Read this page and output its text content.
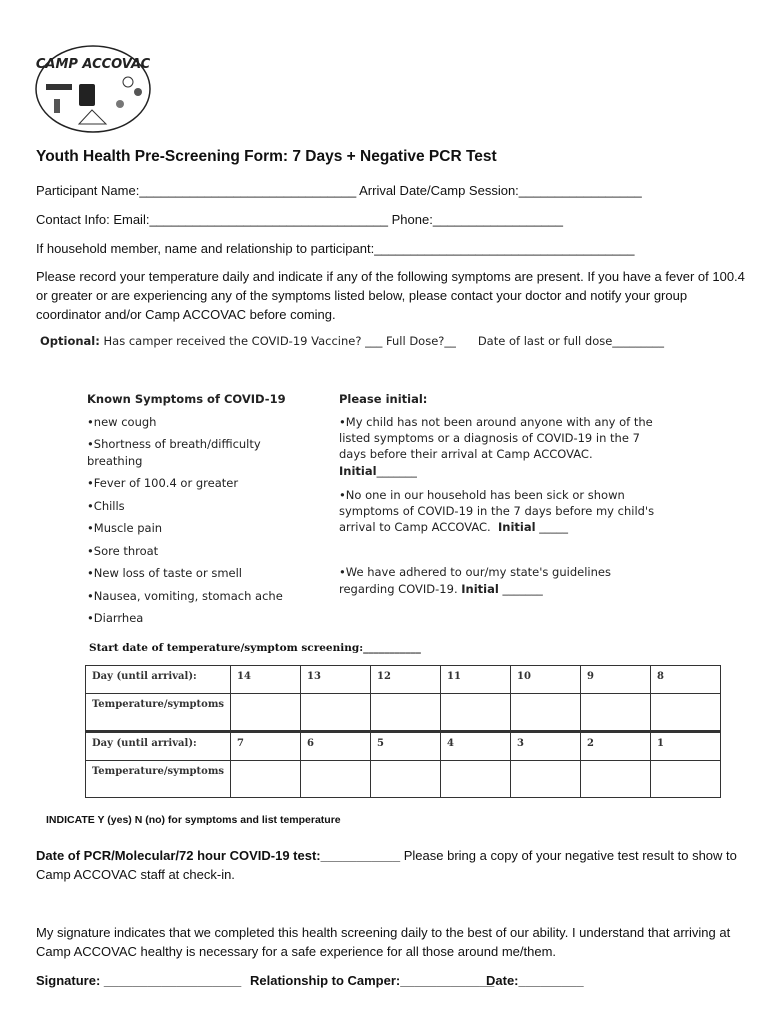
CAMP ACCOVAC
Youth Health Pre-Screening Form: 7 Days + Negative PCR Test
Participant Name:______________________________ Arrival Date/Camp Session:_________________
Contact Info: Email:_________________________________ Phone:__________________
If household member, name and relationship to participant:____________________________________
Please record your temperature daily and indicate if any of the following symptoms are present. If you have a fever of 100.4
or greater or are experiencing any of the symptoms listed below, please contact your doctor and notify your group
coordinator and/or Camp ACCOVAC before coming.
Optional: Has camper received the COVID-19 Vaccine? ___ Full Dose?__      Date of last or full dose_________
Known Symptoms of COVID-19
•new cough
•Shortness of breath/difficulty
breathing
•Fever of 100.4 or greater
•Chills
•Muscle pain
•Sore throat
•New loss of taste or smell
•Nausea, vomiting, stomach ache
•Diarrhea
Please initial:
•My child has not been around anyone with any of the
listed symptoms or a diagnosis of COVID-19 in the 7
days before their arrival at Camp ACCOVAC.
Initial_______
•No one in our household has been sick or shown
symptoms of COVID-19 in the 7 days before my child's
arrival to Camp ACCOVAC.  Initial _____
•We have adhered to our/my state's guidelines
regarding COVID-19. Initial _______
Start date of temperature/symptom screening:___________
Day (until arrival):	14	13	12	11	10	9	8
Temperature/symptoms							
Day (until arrival):	7	6	5	4	3	2	1
Temperature/symptoms							
INDICATE Y (yes) N (no) for symptoms and list temperature
Date of PCR/Molecular/72 hour COVID-19 test:___________ Please bring a copy of your negative test result to show to
Camp ACCOVAC staff at check-in.
My signature indicates that we completed this health screening daily to the best of our ability. I understand that arriving at
Camp ACCOVAC healthy is necessary for a safe experience for all those around me/them.
Signature: ___________________ Relationship to Camper:_____________
Date:_________
